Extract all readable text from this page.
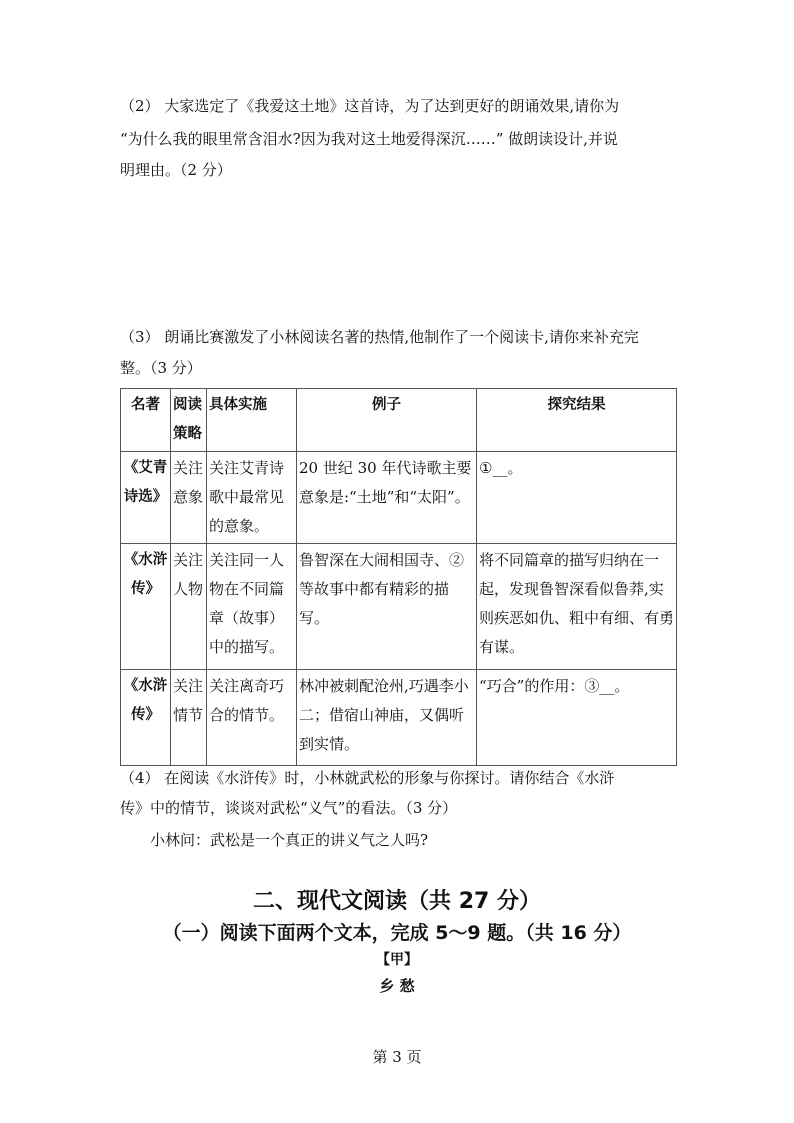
（2） 大家选定了《我爱这土地》这首诗，为了达到更好的朗诵效果,请你为

“为什么我的眼里常含泪水?因为我对这土地爱得深沉……” 做朗读设计,并说

明理由。（2 分）

（3） 朗诵比赛激发了小林阅读名著的热情,他制作了一个阅读卡,请你来补充完

整。（3 分）

名著	阅读策略	具体实施	例子	探究结果
《艾青诗选》	关注意象	关注艾青诗歌中最常见的意象。	20 世纪 30 年代诗歌主要意象是:“土地”和“太阳”。	①__。
《水浒传》	关注人物	关注同一人物在不同篇章（故事）中的描写。	鲁智深在大闹相国寺、②等故事中都有精彩的描写。	将不同篇章的描写归纳在一起，发现鲁智深看似鲁莽,实则疾恶如仇、粗中有细、有勇有谋。
《水浒传》	关注情节	关注离奇巧合的情节。	林冲被刺配沧州,巧遇李小二；借宿山神庙，又偶听到实情。	“巧合”的作用：③__。

（4） 在阅读《水浒传》时，小林就武松的形象与你探讨。请你结合《水浒

传》中的情节，谈谈对武松“义气”的看法。（3 分）

小林问：武松是一个真正的讲义气之人吗?

二、现代文阅读（共 27 分）

（一）阅读下面两个文本，完成 5～9 题。（共 16 分）

【甲】

乡 愁

第 3 页
